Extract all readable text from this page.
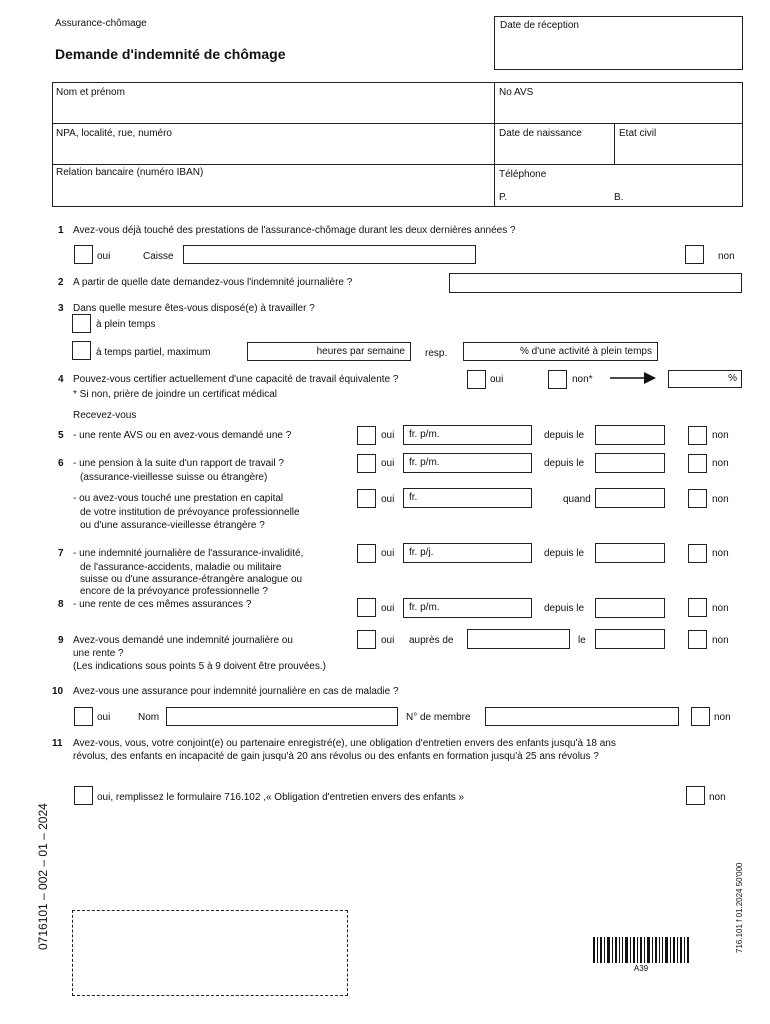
Assurance-chômage
Demande d'indemnité de chômage
Date de réception
Nom et prénom	No AVS
NPA, localité, rue, numéro	Date de naissance	Etat civil
Relation bancaire (numéro IBAN)	Téléphone
P.	B.
1 Avez-vous déjà touché des prestations de l'assurance-chômage durant les deux dernières années ?
oui	Caisse	non
2 A partir de quelle date demandez-vous l'indemnité journalière ?
3 Dans quelle mesure êtes-vous disposé(e) à travailler ?
à plein temps
à temps partiel, maximum	heures par semaine	resp.	% d'une activité à plein temps
4 Pouvez-vous certifier actuellement d'une capacité de travail équivalente ?
* Si non, prière de joindre un certificat médical
oui	non*	%
Recevez-vous
5 - une rente AVS ou en avez-vous demandé une ?	oui	fr. p/m.	depuis le	non
6 - une pension à la suite d'un rapport de travail ?
(assurance-vieillesse suisse ou étrangère)
oui	fr. p/m.	depuis le	non
- ou avez-vous touché une prestation en capital
de votre institution de prévoyance professionnelle
ou d'une assurance-vieillesse étrangère ?
oui	fr.	quand	non
7 - une indemnité journalière de l'assurance-invalidité,
de l'assurance-accidents, maladie ou militaire
suisse ou d'une assurance-étrangère analogue ou
encore de la prévoyance professionnelle ?
oui	fr. p/j.	depuis le	non
8 - une rente de ces mêmes assurances ?	oui	fr. p/m.	depuis le	non
9 Avez-vous demandé une indemnité journalière ou
une rente ?
(Les indications sous points 5 à 9 doivent être prouvées.)
oui auprès de	le	non
10 Avez-vous une assurance pour indemnité journalière en cas de maladie ?
oui	Nom	N° de membre	non
11 Avez-vous, vous, votre conjoint(e) ou partenaire enregistré(e), une obligation d'entretien envers des enfants jusqu'à 18 ans
révolus, des enfants en incapacité de gain jusqu'à 20 ans révolus ou des enfants en formation jusqu'à 25 ans révolus ?
oui, remplissez le formulaire 716.102 ,« Obligation d'entretien envers des enfants »	non
0716101 – 002 – 01 – 2024	716.101 f 01.2024 50'000
A39
